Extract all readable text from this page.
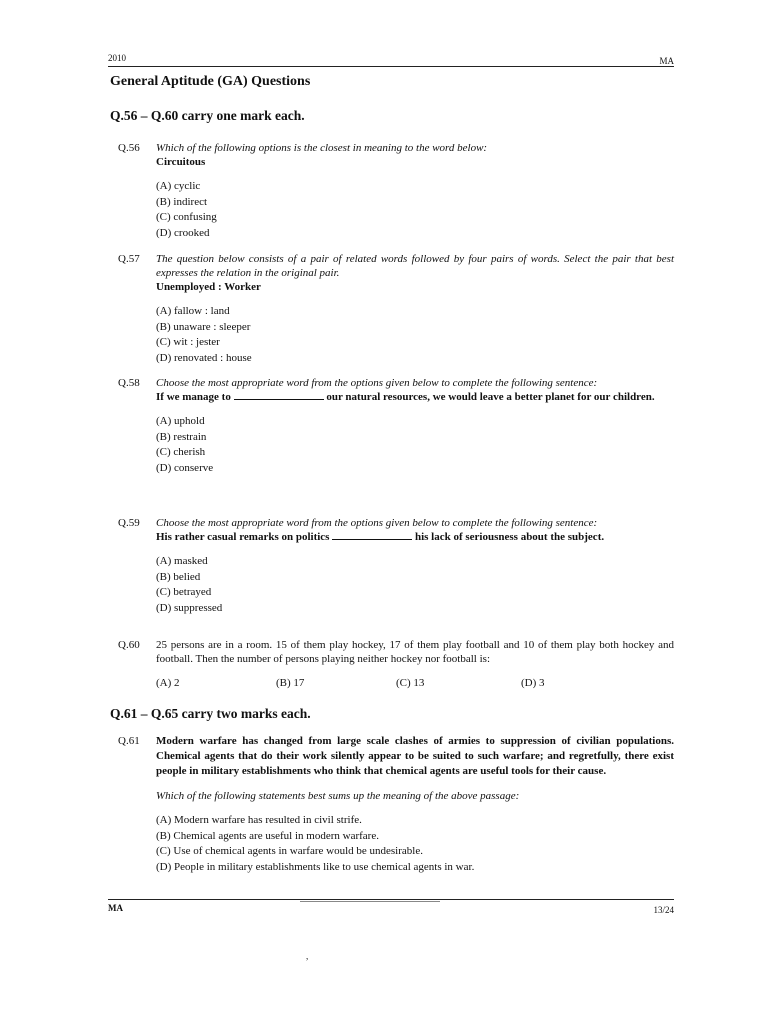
2010	MA
General Aptitude (GA) Questions
Q.56 – Q.60 carry one mark each.
Q.56	Which of the following options is the closest in meaning to the word below:
Circuitous
(A) cyclic
(B) indirect
(C) confusing
(D) crooked
Q.57	The question below consists of a pair of related words followed by four pairs of words. Select the pair that best expresses the relation in the original pair.
Unemployed : Worker
(A) fallow : land
(B) unaware : sleeper
(C) wit : jester
(D) renovated : house
Q.58	Choose the most appropriate word from the options given below to complete the following sentence:
If we manage to	our natural resources, we would leave a better planet for our children.
(A) uphold
(B) restrain
(C) cherish
(D) conserve
Q.59	Choose the most appropriate word from the options given below to complete the following sentence:
His rather casual remarks on politics	his lack of seriousness about the subject.
(A) masked
(B) belied
(C) betrayed
(D) suppressed
Q.60	25 persons are in a room. 15 of them play hockey, 17 of them play football and 10 of them play both hockey and football. Then the number of persons playing neither hockey nor football is:
(A) 2	(B) 17	(C) 13	(D) 3
Q.61 – Q.65 carry two marks each.
Q.61	Modern warfare has changed from large scale clashes of armies to suppression of civilian populations. Chemical agents that do their work silently appear to be suited to such warfare; and regretfully, there exist people in military establishments who think that chemical agents are useful tools for their cause.
Which of the following statements best sums up the meaning of the above passage:
(A) Modern warfare has resulted in civil strife.
(B) Chemical agents are useful in modern warfare.
(C) Use of chemical agents in warfare would be undesirable.
(D) People in military establishments like to use chemical agents in war.
MA	13/24
,
